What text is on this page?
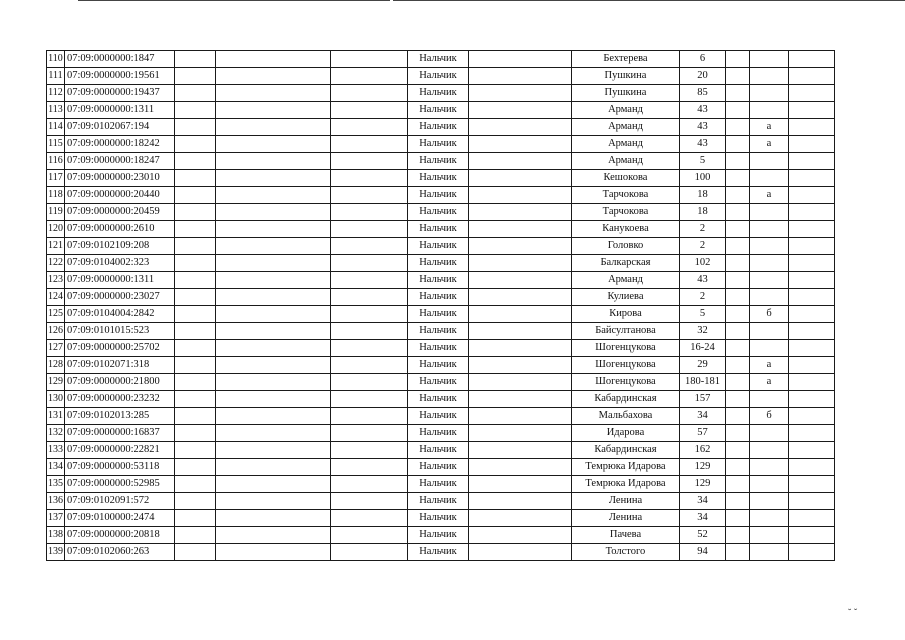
110	07:09:0000000:1847				Нальчик		Бехтерева	6			
111	07:09:0000000:19561				Нальчик		Пушкина	20			
112	07:09:0000000:19437				Нальчик		Пушкина	85			
113	07:09:0000000:1311				Нальчик		Арманд	43			
114	07:09:0102067:194				Нальчик		Арманд	43		а	
115	07:09:0000000:18242				Нальчик		Арманд	43		а	
116	07:09:0000000:18247				Нальчик		Арманд	5			
117	07:09:0000000:23010				Нальчик		Кешокова	100			
118	07:09:0000000:20440				Нальчик		Тарчокова	18		а	
119	07:09:0000000:20459				Нальчик		Тарчокова	18			
120	07:09:0000000:2610				Нальчик		Канукоева	2			
121	07:09:0102109:208				Нальчик		Головко	2			
122	07:09:0104002:323				Нальчик		Балкарская	102			
123	07:09:0000000:1311				Нальчик		Арманд	43			
124	07:09:0000000:23027				Нальчик		Кулиева	2			
125	07:09:0104004:2842				Нальчик		Кирова	5		б	
126	07:09:0101015:523				Нальчик		Байсултанова	32			
127	07:09:0000000:25702				Нальчик		Шогенцукова	16-24			
128	07:09:0102071:318				Нальчик		Шогенцукова	29		а	
129	07:09:0000000:21800				Нальчик		Шогенцукова	180-181		а	
130	07:09:0000000:23232				Нальчик		Кабардинская	157			
131	07:09:0102013:285				Нальчик		Мальбахова	34		б	
132	07:09:0000000:16837				Нальчик		Идарова	57			
133	07:09:0000000:22821				Нальчик		Кабардинская	162			
134	07:09:0000000:53118				Нальчик		Темрюка Идарова	129			
135	07:09:0000000:52985				Нальчик		Темрюка Идарова	129			
136	07:09:0102091:572				Нальчик		Ленина	34			
137	07:09:0100000:2474				Нальчик		Ленина	34			
138	07:09:0000000:20818				Нальчик		Пачева	52			
139	07:09:0102060:263				Нальчик		Толстого	94			
˘ ˇ
